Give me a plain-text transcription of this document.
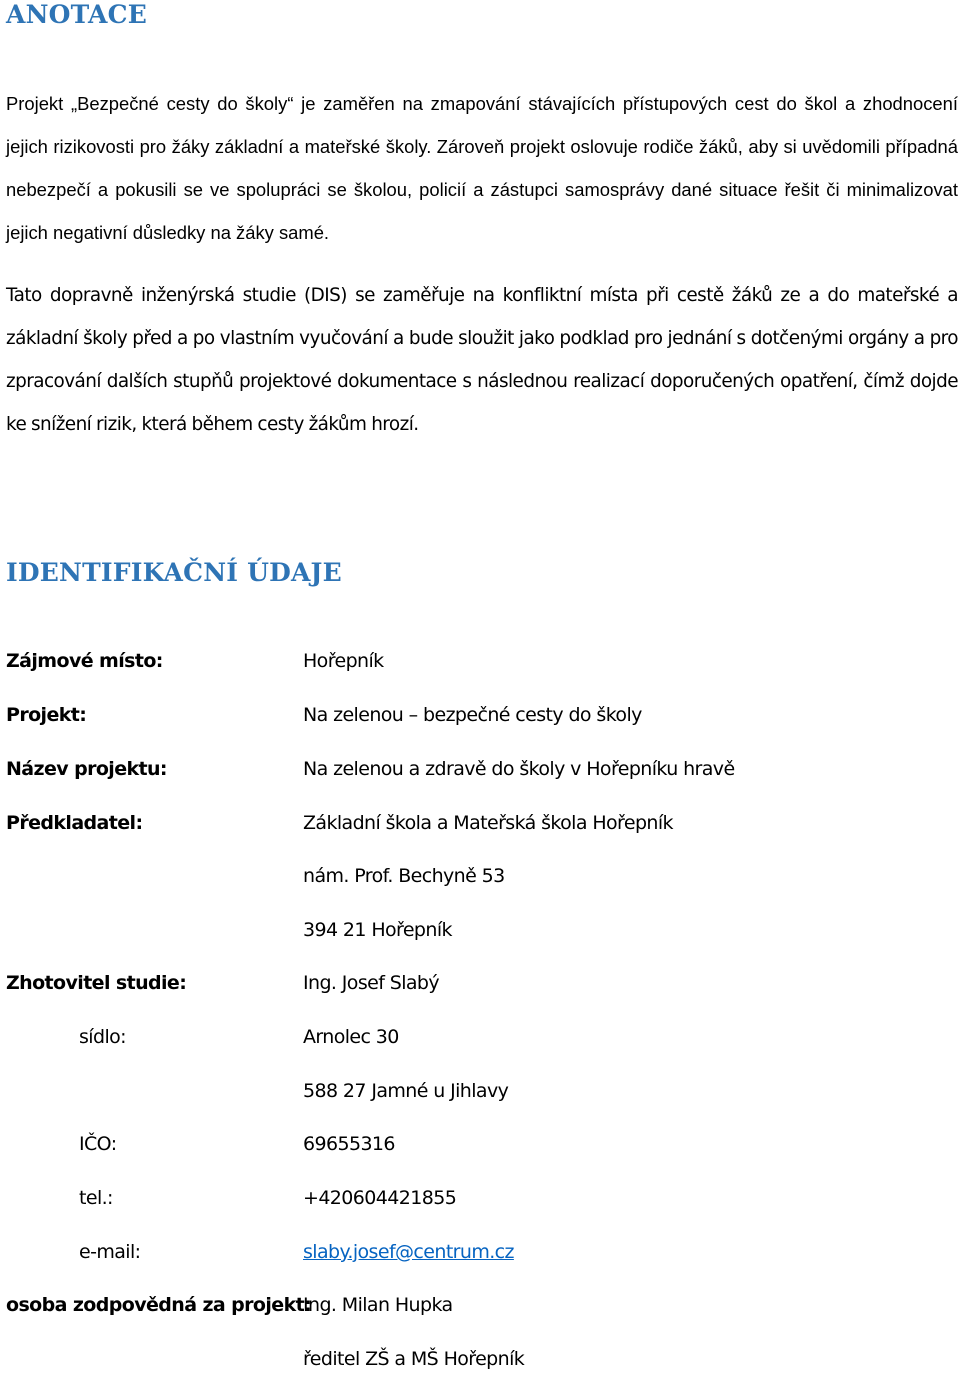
ANOTACE

Projekt „Bezpečné cesty do školy“ je zaměřen na zmapování stávajících přístupových cest do škol a zhodnocení jejich rizikovosti pro žáky základní a mateřské školy. Zároveň projekt oslovuje rodiče žáků, aby si uvědomili případná nebezpečí a pokusili se ve spolupráci se školou, policií a zástupci samosprávy dané situace řešit či minimalizovat jejich negativní důsledky na žáky samé.

Tato dopravně inženýrská studie (DIS) se zaměřuje na konfliktní místa při cestě žáků ze a do mateřské a základní školy před a po vlastním vyučování a bude sloužit jako podklad pro jednání s dotčenými orgány a pro zpracování dalších stupňů projektové dokumentace s následnou realizací doporučených opatření, čímž dojde ke snížení rizik, která během cesty žákům hrozí.

IDENTIFIKAČNÍ ÚDAJE
Zájmové místo:	Hořepník
Projekt:	Na zelenou – bezpečné cesty do školy
Název projektu:	Na zelenou a zdravě do školy v Hořepníku hravě
Předkladatel:	Základní škola a Mateřská škola Hořepník
nám. Prof. Bechyně 53
394 21 Hořepník
Zhotovitel studie:	Ing. Josef Slabý
sídlo:	Arnolec 30
588 27 Jamné u Jihlavy
IČO:	69655316
tel.:	+420604421855
e-mail:	slaby.josef@centrum.cz
osoba zodpovědná za projekt:
Ing. Milan Hupka
ředitel ZŠ a MŠ Hořepník
